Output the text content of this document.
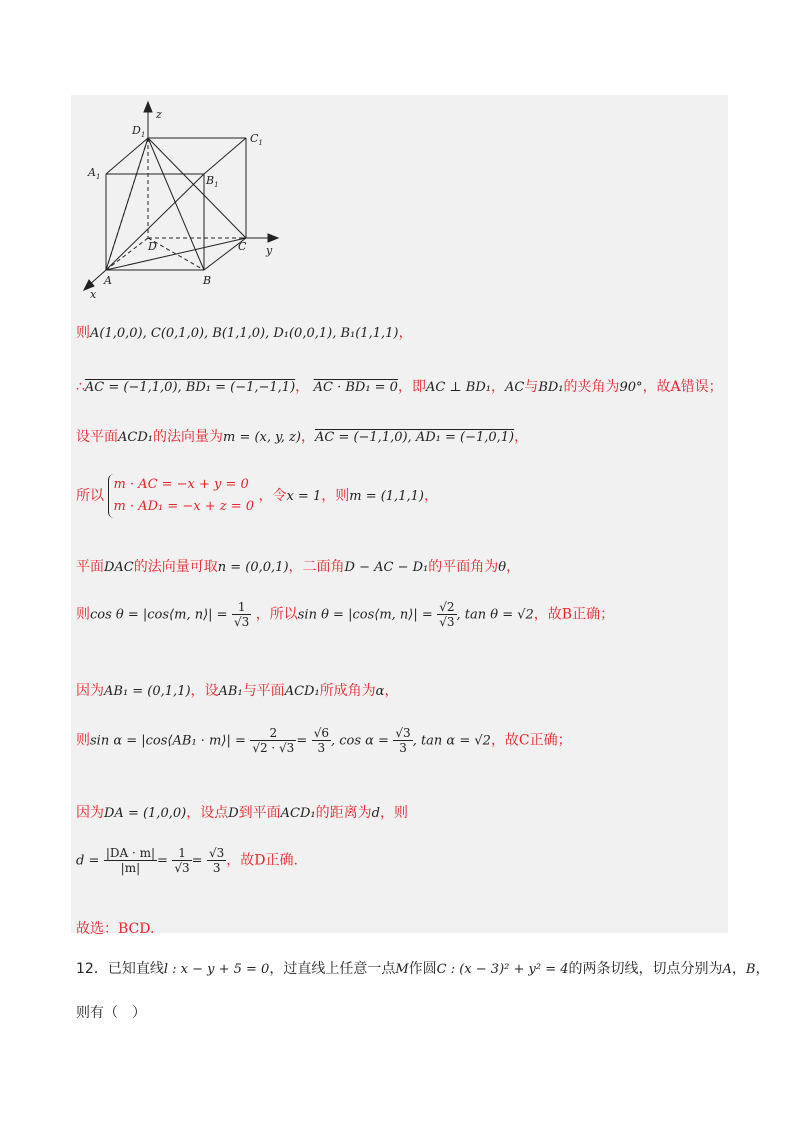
z
y
x
$D_1$	$C_1$
$A_1$	$B_1$
D	C
A	B
则A(1,0,0), C(0,1,0), B(1,1,0), D₁(0,0,1), B₁(1,1,1)，
∴AC = (−1,1,0), BD₁ = (−1,−1,1)， AC · BD₁ = 0，即AC ⊥ BD₁，AC与BD₁的夹角为90°，故A错误；
设平面ACD₁的法向量为m = (x, y, z)，AC = (−1,1,0), AD₁ = (−1,0,1)，
所以
m · AC = −x + y = 0
m · AD₁ = −x + z = 0
，令x = 1，则m = (1,1,1)，
平面DAC的法向量可取n = (0,0,1)，二面角D − AC − D₁的平面角为θ，
则cos θ = |cos⟨m, n⟩| = $\frac{1}{√3}$ ，所以sin θ = |cos⟨m, n⟩| = $\frac{√2}{√3}$ , tan θ = √2，故B正确；
因为AB₁ = (0,1,1)，设AB₁与平面ACD₁所成角为α，
则sin α = |cos⟨AB₁ · m⟩| = $\frac{2}{√2 \cdot √3} = \frac{√6}{3}$ , $\cos \alpha = \frac{√3}{3}$ , tan α = √2，故C正确；
因为DA = (1,0,0)，设点D到平面ACD₁的距离为d，则
$d = \frac{|DA \cdot m|}{|m|} = \frac{1}{√3} = \frac{√3}{3}$ ，故D正确.
故选：BCD.
12．已知直线l : x − y + 5 = 0，过直线上任意一点M作圆C : (x − 3)² + y² = 4的两条切线，切点分别为A，B，
则有（　）
